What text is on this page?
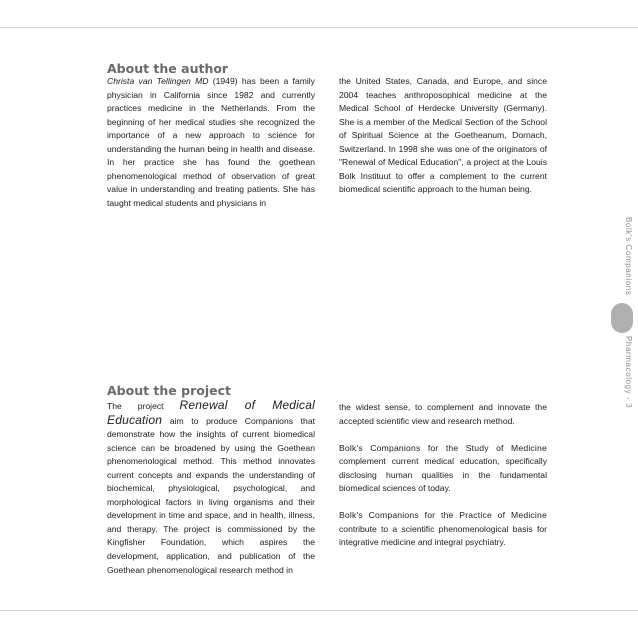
About the author

Christa van Tellingen MD (1949) has been a family physician in California since 1982 and currently practices medicine in the Netherlands. From the beginning of her medical studies she recognized the importance of a new approach to science for understanding the human being in health and disease. In her practice she has found the goethean phenomenological method of observation of great value in understanding and treating patients. She has taught medical students and physicians in

the United States, Canada, and Europe, and since 2004 teaches anthroposophical medicine at the Medical School of Herdecke University (Germany). She is a member of the Medical Section of the School of Spiritual Science at the Goetheanum, Dornach, Switzerland. In 1998 she was one of the originators of "Renewal of Medical Education", a project at the Louis Bolk Instituut to offer a complement to the current biomedical scientific approach to the human being.

About the project

The project Renewal of Medical Education aim to produce Companions that demonstrate how the insights of current biomedical science can be broadened by using the Goethean phenomenological method. This method innovates current concepts and expands the understanding of biochemical, physiological, psychological, and morphological factors in living organisms and their development in time and space, and in health, illness, and therapy. The project is commissioned by the Kingfisher Foundation, which aspires the development, application, and publication of the Goethean phenomenological research method in

the widest sense, to complement and innovate the accepted scientific view and research method.

Bolk's Companions for the Study of Medicine complement current medical education, specifically disclosing human qualities in the fundamental biomedical sciences of today.

Bolk's Companions for the Practice of Medicine contribute to a scientific phenomenological basis for integrative medicine and integral psychiatry.

Bolk's Companions
Pharmacology - 3
